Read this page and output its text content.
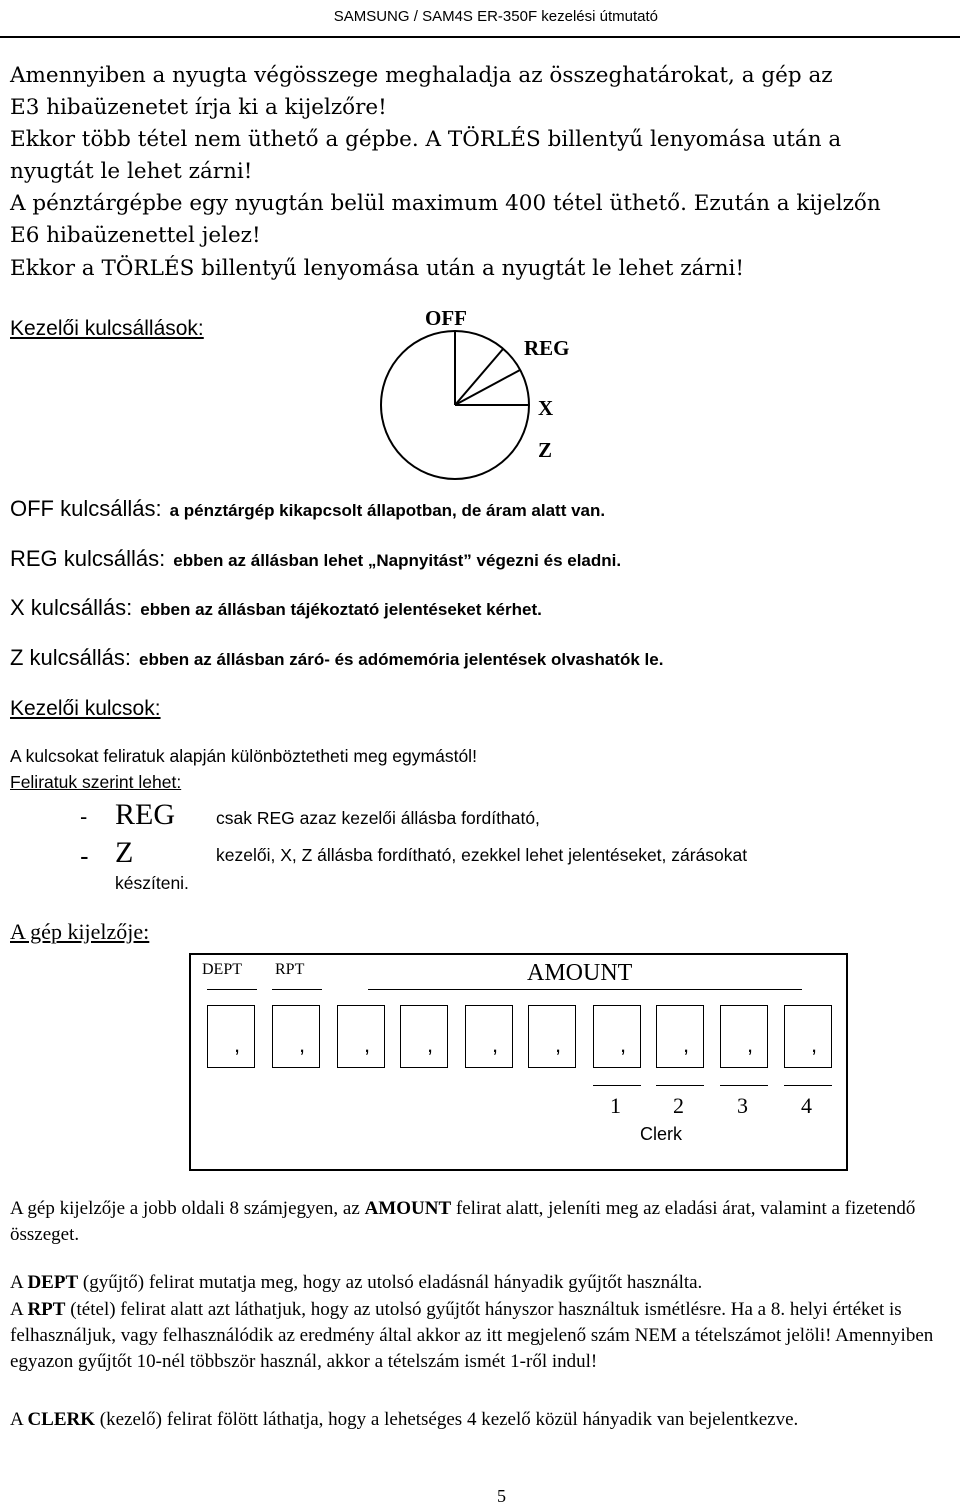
SAMSUNG / SAM4S ER-350F kezelési útmutató
Amennyiben a nyugta végösszege meghaladja az összeghatárokat, a gép az
E3 hibaüzenetet írja ki a kijelzőre!
Ekkor több tétel nem üthető a gépbe. A TÖRLÉS billentyű lenyomása után a
nyugtát le lehet zárni!
A pénztárgépbe egy nyugtán belül maximum 400 tétel üthető. Ezután a kijelzőn
E6 hibaüzenettel jelez!
Ekkor a TÖRLÉS billentyű lenyomása után a nyugtát le lehet zárni!
Kezelői kulcsállások:	OFF
REG
X
Z
OFF kulcsállás: a pénztárgép kikapcsolt állapotban, de áram alatt van.
REG kulcsállás: ebben az állásban lehet „Napnyitást” végezni és eladni.
X kulcsállás: ebben az állásban tájékoztató jelentéseket kérhet.
Z kulcsállás: ebben az állásban záró- és adómemória jelentések olvashatók le.
Kezelői kulcsok:
A kulcsokat feliratuk alapján különböztetheti meg egymástól!
Feliratuk szerint lehet:
- REG csak REG azaz kezelői állásba fordítható,
- Z	kezelői, X, Z állásba fordítható, ezekkel lehet jelentéseket, zárásokat
készíteni.
A gép kijelzője:
DEPT RPT	AMOUNT
,	,	,	,	,	,	,	,	,	,
1 2 3 4
Clerk
A gép kijelzője a jobb oldali 8 számjegyen, az AMOUNT felirat alatt, jeleníti meg az eladási árat, valamint a fizetendő összeget.
A DEPT (gyűjtő) felirat mutatja meg, hogy az utolsó eladásnál hányadik gyűjtőt használta.
A RPT (tétel) felirat alatt azt láthatjuk, hogy az utolsó gyűjtőt hányszor használtuk ismétlésre. Ha a 8. helyi értéket is felhasználjuk, vagy felhasználódik az eredmény által akkor az itt megjelenő szám NEM a tételszámot jelöli! Amennyiben egyazon gyűjtőt 10-nél többször használ, akkor a tételszám ismét 1-ről indul!
A CLERK (kezelő) felirat fölött láthatja, hogy a lehetséges 4 kezelő közül hányadik van bejelentkezve.
5
